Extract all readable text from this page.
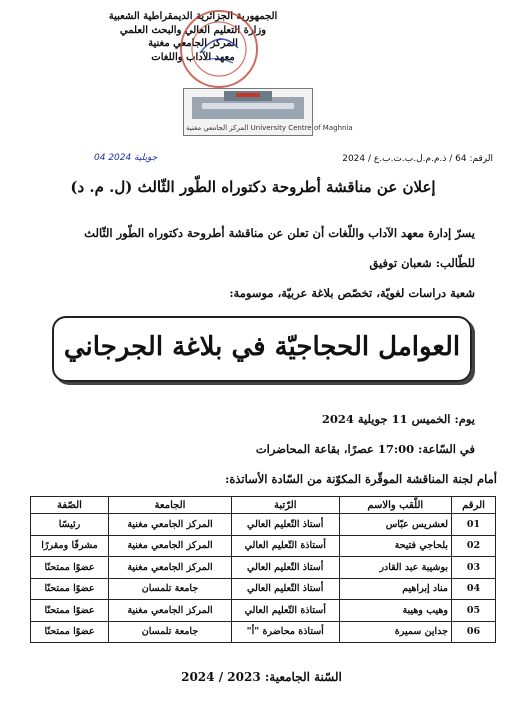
الجمهورية الجزائرية الديمقراطية الشعبية
وزارة التعليم العالي والبحث العلمي
المركز الجامعي مغنية
معهد الآداب واللغات
المركز الجامعي مغنية University Centre of Maghnia
04 جويلية 2024	الرقم: 64 / ذ.م.م.ل.ب.ت.ب.ع / 2024
إعلان عن مناقشة أطروحة دكتوراه الطّور الثّالث (ل. م. د)
يسرّ إدارة معهد الآداب واللّغات أن تعلن عن مناقشة أطروحة دكتوراه الطّور الثّالث
للطّالب: شعبان توفيق
شعبة دراسات لغويّة، تخصّص بلاغة عربيّة، موسومة:
العوامل الحجاجيّة في بلاغة الجرجاني
يوم: الخميس 11 جويلية 2024
في السّاعة: 17:00 عصرًا، بقاعة المحاضرات
أمام لجنة المناقشة الموقّرة المكوّنة من السّادة الأساتذة:
الرقم	اللّقب والاسم	الرّتبة	الجامعة	الصّفة
01	لعشريس عبّاس	أستاذ التّعليم العالي	المركز الجامعي مغنية	رئيسًا
02	بلحاجي فتيحة	أستاذة التّعليم العالي	المركز الجامعي مغنية	مشرفًا ومقررًا
03	بوشيبة عبد القادر	أستاذ التّعليم العالي	المركز الجامعي مغنية	عضوًا ممتحنًا
04	مناد إبراهيم	أستاذ التّعليم العالي	جامعة تلمسان	عضوًا ممتحنًا
05	وهيب وهيبة	أستاذة التّعليم العالي	المركز الجامعي مغنية	عضوًا ممتحنًا
06	جداين سميرة	أستاذة محاضرة "أ"	جامعة تلمسان	عضوًا ممتحنًا
السّنة الجامعية: 2023 / 2024
